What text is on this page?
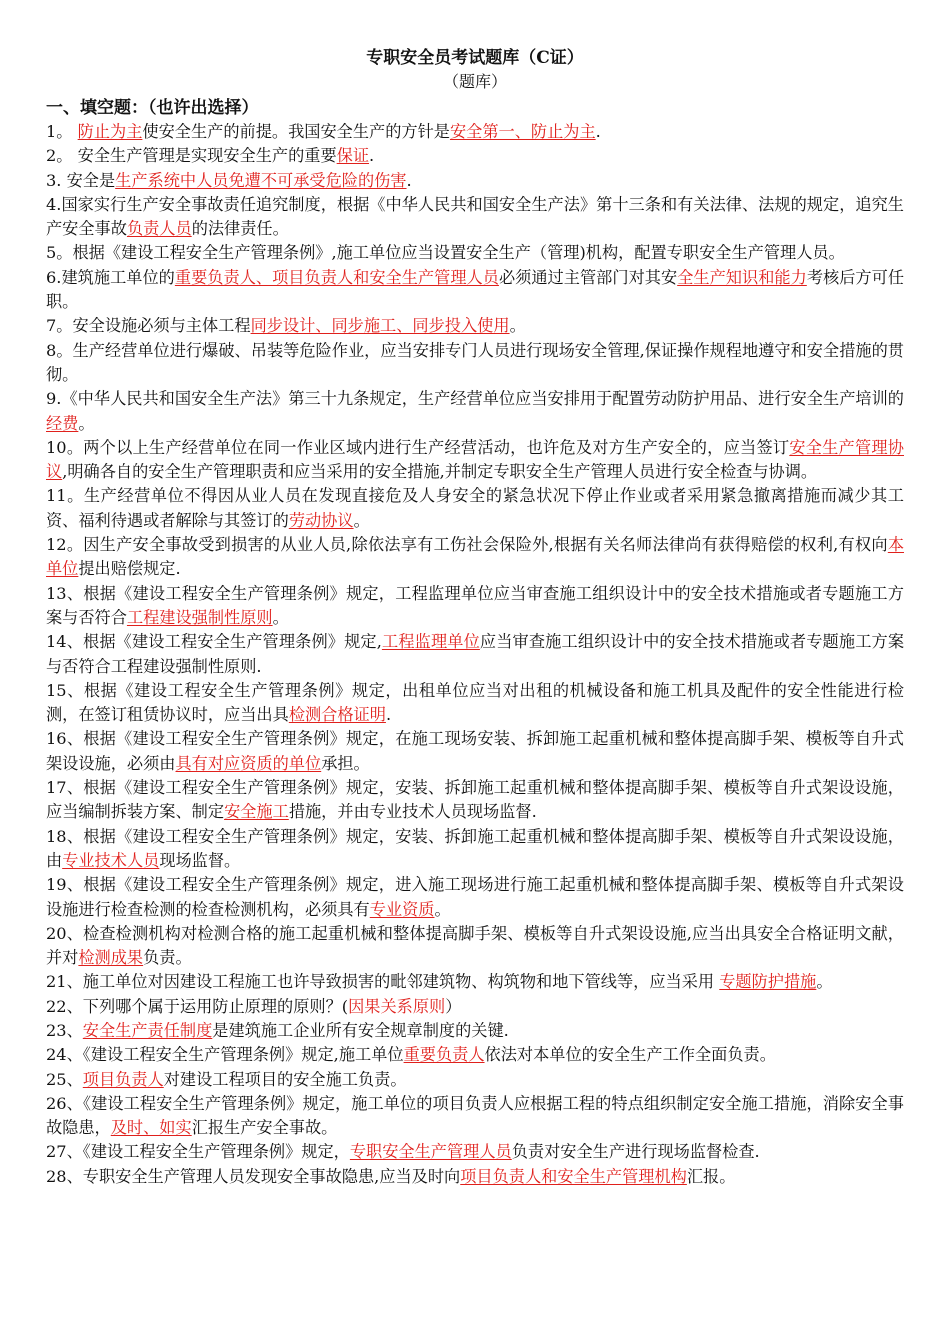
专职安全员考试题库（C证）

（题库）

一、填空题：（也许出选择）

1。 防止为主使安全生产的前提。我国安全生产的方针是安全第一、防止为主.

2。 安全生产管理是实现安全生产的重要保证.

3. 安全是生产系统中人员免遭不可承受危险的伤害.

4.国家实行生产安全事故责任追究制度，根据《中华人民共和国安全生产法》第十三条和有关法律、法规的规定，追究生产安全事故负责人员的法律责任。

5。根据《建设工程安全生产管理条例》,施工单位应当设置安全生产（管理)机构，配置专职安全生产管理人员。

6.建筑施工单位的重要负责人、项目负责人和安全生产管理人员必须通过主管部门对其安全生产知识和能力考核后方可任职。

7。安全设施必须与主体工程同步设计、同步施工、同步投入使用。

8。生产经营单位进行爆破、吊装等危险作业，应当安排专门人员进行现场安全管理,保证操作规程地遵守和安全措施的贯彻。

9.《中华人民共和国安全生产法》第三十九条规定，生产经营单位应当安排用于配置劳动防护用品、进行安全生产培训的经费。

10。两个以上生产经营单位在同一作业区域内进行生产经营活动，也许危及对方生产安全的，应当签订安全生产管理协议,明确各自的安全生产管理职责和应当采用的安全措施,并制定专职安全生产管理人员进行安全检查与协调。

11。生产经营单位不得因从业人员在发现直接危及人身安全的紧急状况下停止作业或者采用紧急撤离措施而减少其工资、福利待遇或者解除与其签订的劳动协议。

12。因生产安全事故受到损害的从业人员,除依法享有工伤社会保险外,根据有关名师法律尚有获得赔偿的权利,有权向本单位提出赔偿规定.

13、根据《建设工程安全生产管理条例》规定，工程监理单位应当审查施工组织设计中的安全技术措施或者专题施工方案与否符合工程建设强制性原则。

14、根据《建设工程安全生产管理条例》规定,工程监理单位应当审查施工组织设计中的安全技术措施或者专题施工方案与否符合工程建设强制性原则.

15、根据《建设工程安全生产管理条例》规定，出租单位应当对出租的机械设备和施工机具及配件的安全性能进行检测，在签订租赁协议时，应当出具检测合格证明.

16、根据《建设工程安全生产管理条例》规定，在施工现场安装、拆卸施工起重机械和整体提高脚手架、模板等自升式架设设施，必须由具有对应资质的单位承担。

17、根据《建设工程安全生产管理条例》规定，安装、拆卸施工起重机械和整体提高脚手架、模板等自升式架设设施，应当编制拆装方案、制定安全施工措施，并由专业技术人员现场监督.

18、根据《建设工程安全生产管理条例》规定，安装、拆卸施工起重机械和整体提高脚手架、模板等自升式架设设施，由专业技术人员现场监督。

19、根据《建设工程安全生产管理条例》规定，进入施工现场进行施工起重机械和整体提高脚手架、模板等自升式架设设施进行检查检测的检查检测机构，必须具有专业资质。

20、检查检测机构对检测合格的施工起重机械和整体提高脚手架、模板等自升式架设设施,应当出具安全合格证明文献，并对检测成果负责。

21、施工单位对因建设工程施工也许导致损害的毗邻建筑物、构筑物和地下管线等，应当采用 专题防护措施。

22、下列哪个属于运用防止原理的原则？(因果关系原则）

23、安全生产责任制度是建筑施工企业所有安全规章制度的关键.

24、《建设工程安全生产管理条例》规定,施工单位重要负责人依法对本单位的安全生产工作全面负责。

25、项目负责人对建设工程项目的安全施工负责。

26、《建设工程安全生产管理条例》规定，施工单位的项目负责人应根据工程的特点组织制定安全施工措施，消除安全事故隐患，及时、如实汇报生产安全事故。

27、《建设工程安全生产管理条例》规定，专职安全生产管理人员负责对安全生产进行现场监督检查.

28、专职安全生产管理人员发现安全事故隐患,应当及时向项目负责人和安全生产管理机构汇报。
